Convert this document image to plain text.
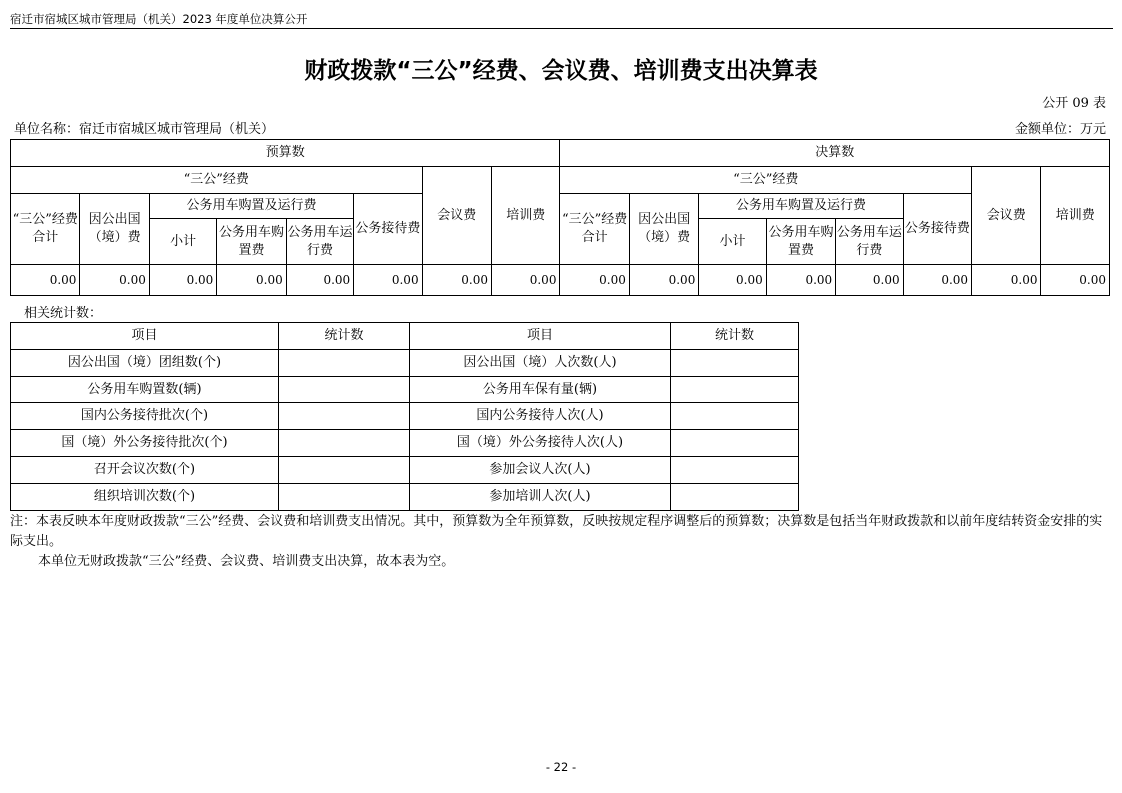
宿迁市宿城区城市管理局（机关）2023 年度单位决算公开
财政拨款“三公”经费、会议费、培训费支出决算表
公开 09 表
单位名称：宿迁市宿城区城市管理局（机关）	金额单位：万元
预算数								决算数							
“三公”经费						会议费	培训费	“三公”经费						会议费	培训费
“三公”经费合计	因公出国（境）费	公务用车购置及运行费			公务接待费			“三公”经费合计	因公出国（境）费	公务用车购置及运行费			公务接待费		
		小计	公务用车购置费	公务用车运行费						小计	公务用车购置费	公务用车运行费			
0.00	0.00	0.00	0.00	0.00	0.00	0.00	0.00	0.00	0.00	0.00	0.00	0.00	0.00	0.00	0.00
相关统计数：
项目	统计数	项目	统计数
因公出国（境）团组数(个)		因公出国（境）人次数(人)	
公务用车购置数(辆)		公务用车保有量(辆)	
国内公务接待批次(个)		国内公务接待人次(人)	
国（境）外公务接待批次(个)		国（境）外公务接待人次(人)	
召开会议次数(个)		参加会议人次(人)	
组织培训次数(个)		参加培训人次(人)	

注：本表反映本年度财政拨款“三公”经费、会议费和培训费支出情况。其中，预算数为全年预算数，反映按规定程序调整后的预算数；决算数是包括当年财政拨款和以前年度结转资金安排的实际支出。

本单位无财政拨款“三公”经费、会议费、培训费支出决算，故本表为空。

- 22 -
